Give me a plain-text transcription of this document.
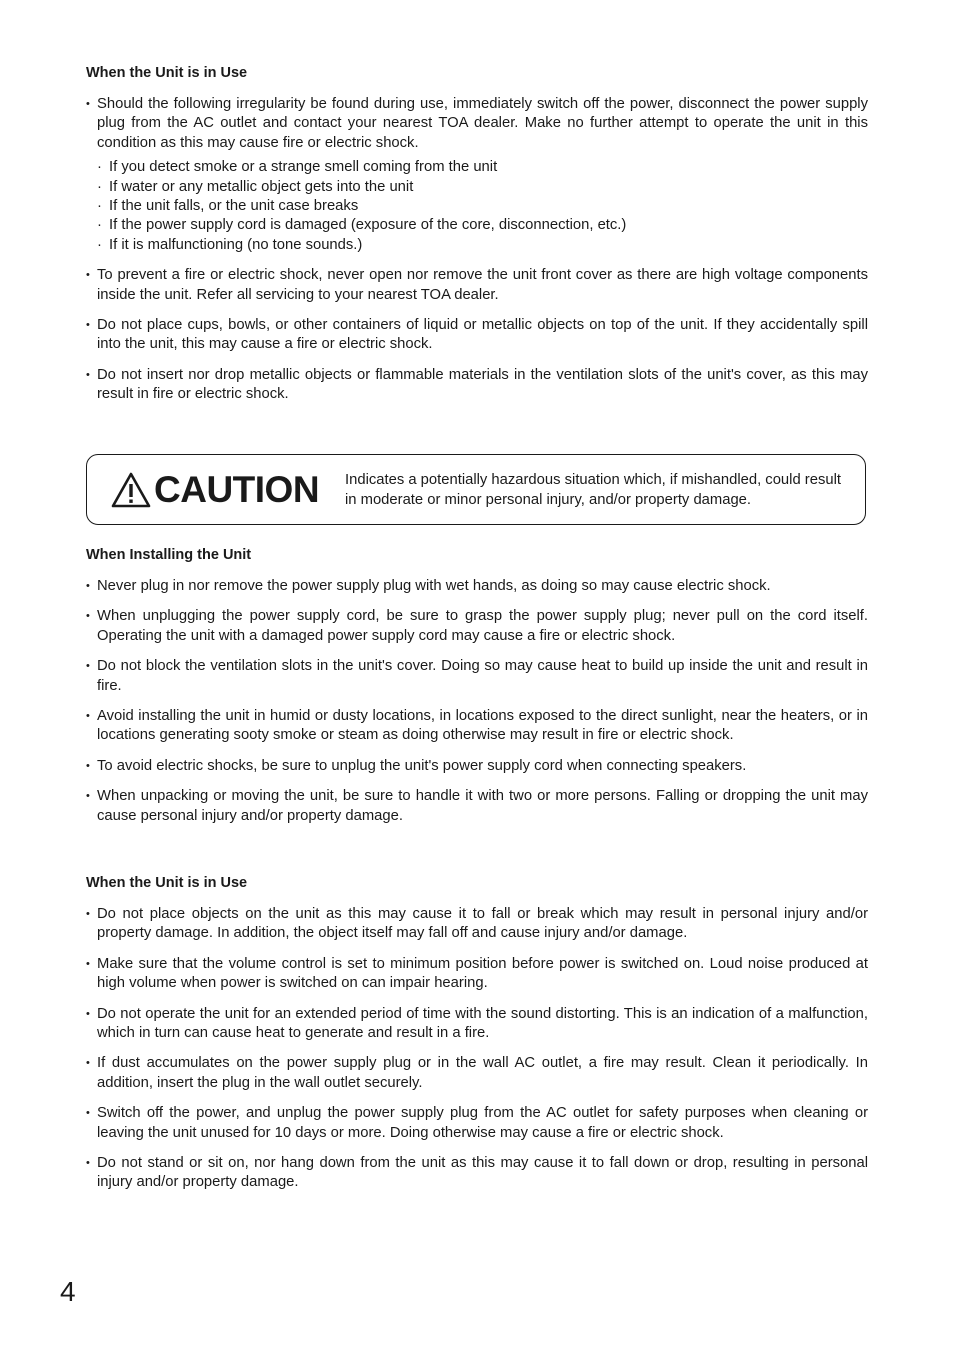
When the Unit is in Use
• Should the following irregularity be found during use, immediately switch off the power, disconnect the power supply plug from the AC outlet and contact your nearest TOA dealer. Make no further attempt to operate the unit in this condition as this may cause fire or electric shock.
· If you detect smoke or a strange smell coming from the unit
· If water or any metallic object gets into the unit
· If the unit falls, or the unit case breaks
· If the power supply cord is damaged (exposure of the core, disconnection, etc.)
· If it is malfunctioning (no tone sounds.)
• To prevent a fire or electric shock, never open nor remove the unit front cover as there are high voltage components inside the unit. Refer all servicing to your nearest TOA dealer.
• Do not place cups, bowls, or other containers of liquid or metallic objects on top of the unit. If they accidentally spill into the unit, this may cause a fire or electric shock.
• Do not insert nor drop metallic objects or flammable materials in the ventilation slots of the unit's cover, as this may result in fire or electric shock.
CAUTION Indicates a potentially hazardous situation which, if mishandled, could result in moderate or minor personal injury, and/or property damage.
When Installing the Unit
• Never plug in nor remove the power supply plug with wet hands, as doing so may cause electric shock.
• When unplugging the power supply cord, be sure to grasp the power supply plug; never pull on the cord itself. Operating the unit with a damaged power supply cord may cause a fire or electric shock.
• Do not block the ventilation slots in the unit's cover. Doing so may cause heat to build up inside the unit and result in fire.
• Avoid installing the unit in humid or dusty locations, in locations exposed to the direct sunlight, near the heaters, or in locations generating sooty smoke or steam as doing otherwise may result in fire or electric shock.
• To avoid electric shocks, be sure to unplug the unit's power supply cord when connecting speakers.
• When unpacking or moving the unit, be sure to handle it with two or more persons. Falling or dropping the unit may cause personal injury and/or property damage.
When the Unit is in Use
• Do not place objects on the unit as this may cause it to fall or break which may result in personal injury and/or property damage. In addition, the object itself may fall off and cause injury and/or damage.
• Make sure that the volume control is set to minimum position before power is switched on. Loud noise produced at high volume when power is switched on can impair hearing.
• Do not operate the unit for an extended period of time with the sound distorting. This is an indication of a malfunction, which in turn can cause heat to generate and result in a fire.
• If dust accumulates on the power supply plug or in the wall AC outlet, a fire may result. Clean it periodically. In addition, insert the plug in the wall outlet securely.
• Switch off the power, and unplug the power supply plug from the AC outlet for safety purposes when cleaning or leaving the unit unused for 10 days or more. Doing otherwise may cause a fire or electric shock.
• Do not stand or sit on, nor hang down from the unit as this may cause it to fall down or drop, resulting in personal injury and/or property damage.
4
